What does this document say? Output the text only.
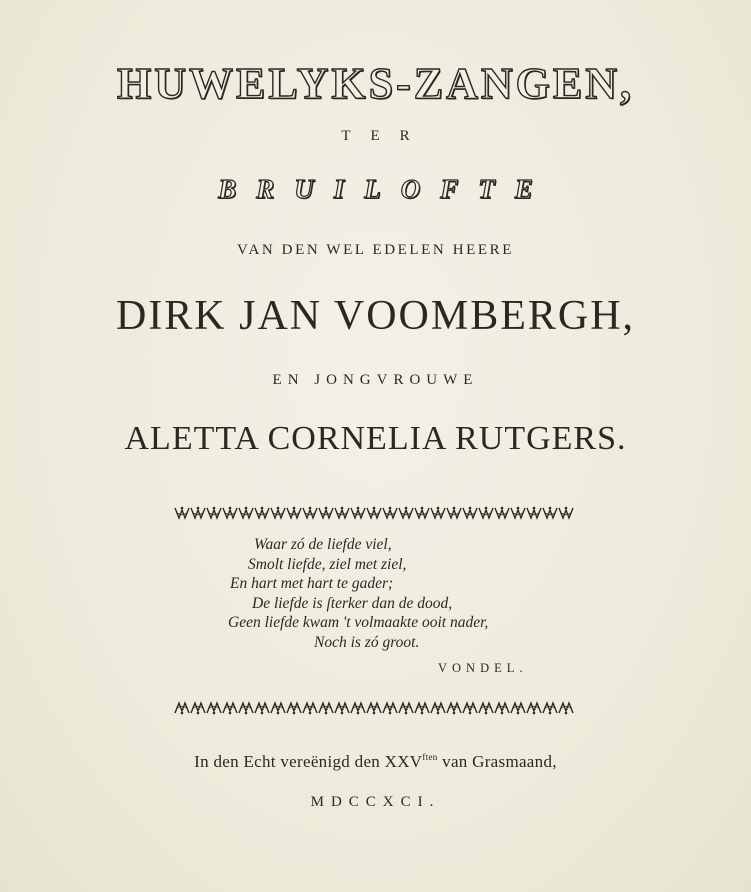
HUWELYKS-ZANGEN,
TER
BRUILOFTE
VAN DEN WEL EDELEN HEERE
DIRK JAN VOOMBERGH,
EN JONGVROUWE
ALETTA CORNELIA RUTGERS.
Waar zó de liefde viel,
Smolt liefde, ziel met ziel,
En hart met hart te gader;
De liefde is ſterker dan de dood,
Geen liefde kwam 't volmaakte ooit nader,
Noch is zó groot.
VONDEL.
In den Echt vereënigd den $XXV^{ften}$ van Grasmaand,
MDCCXCI.
